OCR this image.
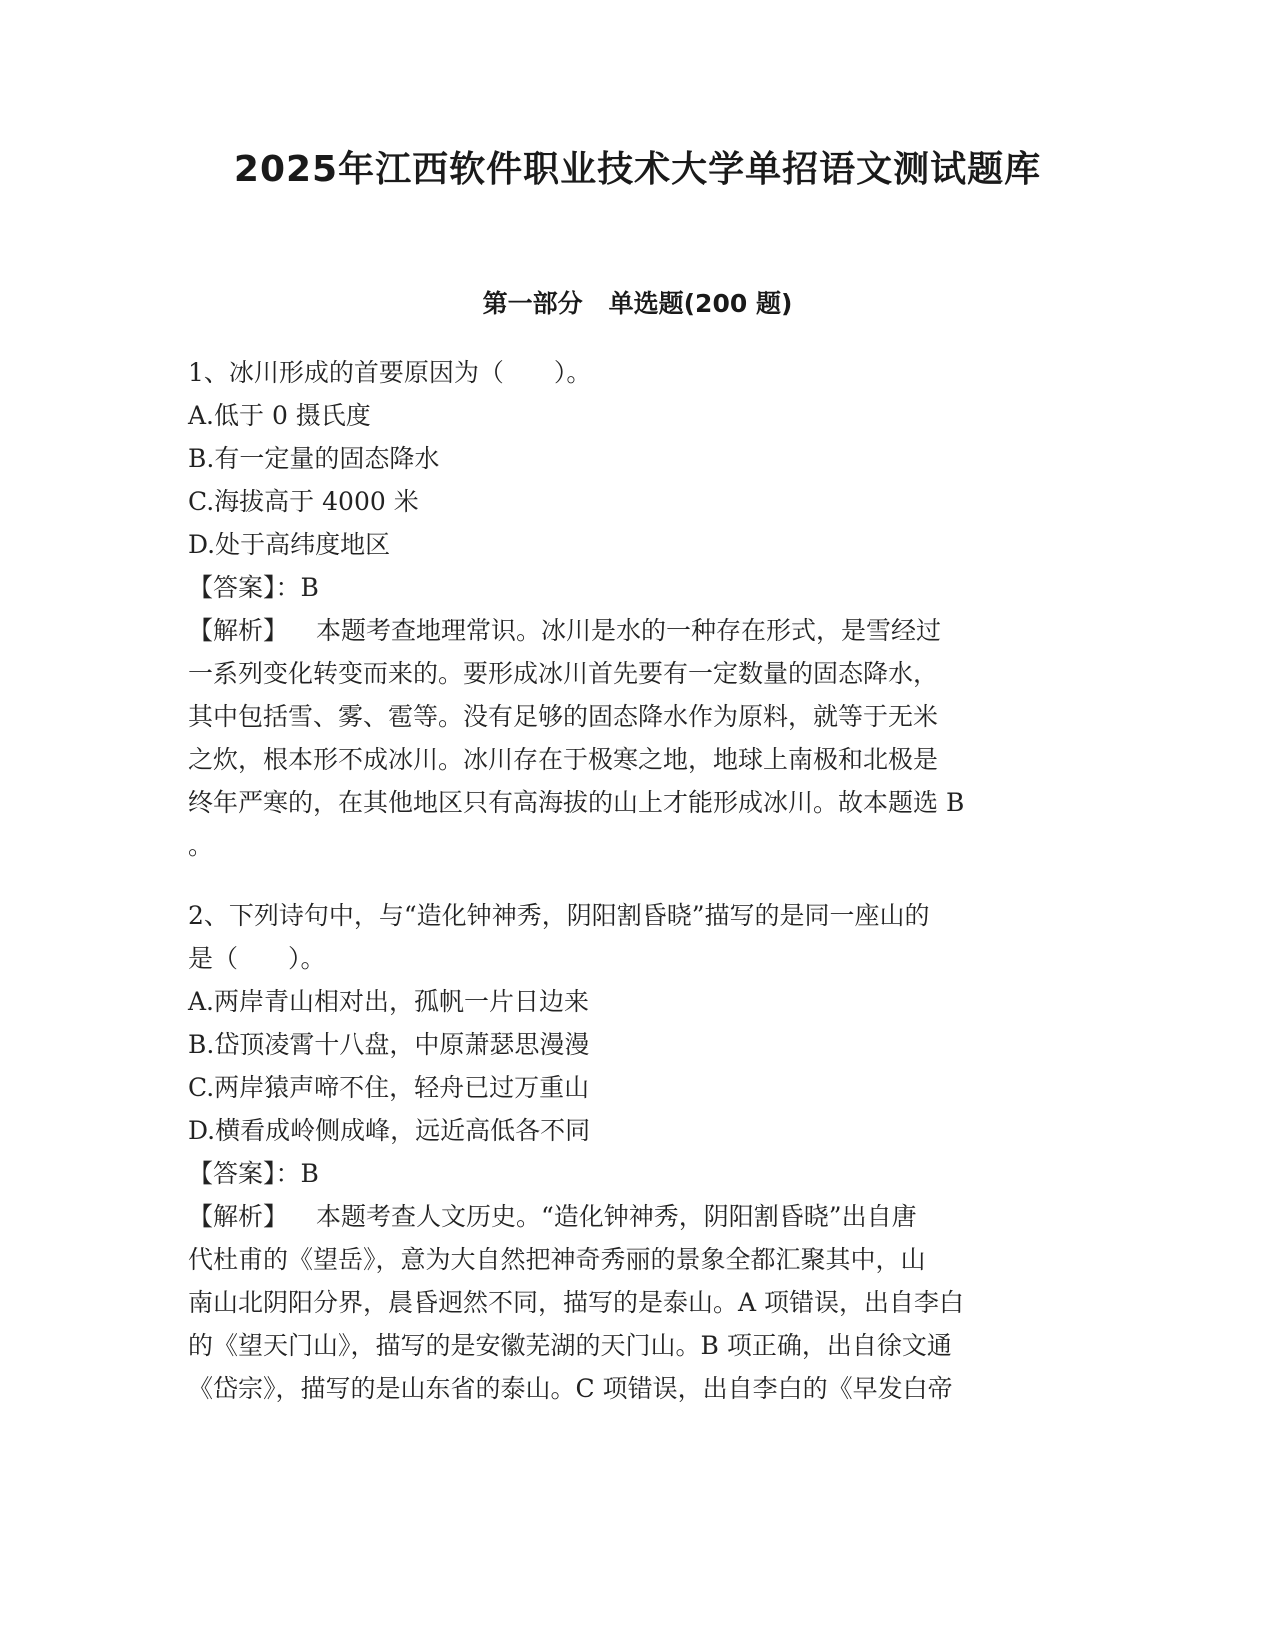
2025年江西软件职业技术大学单招语文测试题库
第一部分 单选题(200 题)
1、冰川形成的首要原因为（　　）。
A.低于 0 摄氏度
B.有一定量的固态降水
C.海拔高于 4000 米
D.处于高纬度地区
【答案】：B
【解析】 本题考查地理常识。冰川是水的一种存在形式，是雪经过
一系列变化转变而来的。要形成冰川首先要有一定数量的固态降水，
其中包括雪、雾、雹等。没有足够的固态降水作为原料，就等于无米
之炊，根本形不成冰川。冰川存在于极寒之地，地球上南极和北极是
终年严寒的，在其他地区只有高海拔的山上才能形成冰川。故本题选 B
。
2、下列诗句中，与“造化钟神秀，阴阳割昏晓”描写的是同一座山的
是（　　）。
A.两岸青山相对出，孤帆一片日边来
B.岱顶凌霄十八盘，中原萧瑟思漫漫
C.两岸猿声啼不住，轻舟已过万重山
D.横看成岭侧成峰，远近高低各不同
【答案】：B
【解析】 本题考查人文历史。“造化钟神秀，阴阳割昏晓”出自唐
代杜甫的《望岳》，意为大自然把神奇秀丽的景象全都汇聚其中，山
南山北阴阳分界，晨昏迥然不同，描写的是泰山。A 项错误，出自李白
的《望天门山》，描写的是安徽芜湖的天门山。B 项正确，出自徐文通
《岱宗》，描写的是山东省的泰山。C 项错误，出自李白的《早发白帝
